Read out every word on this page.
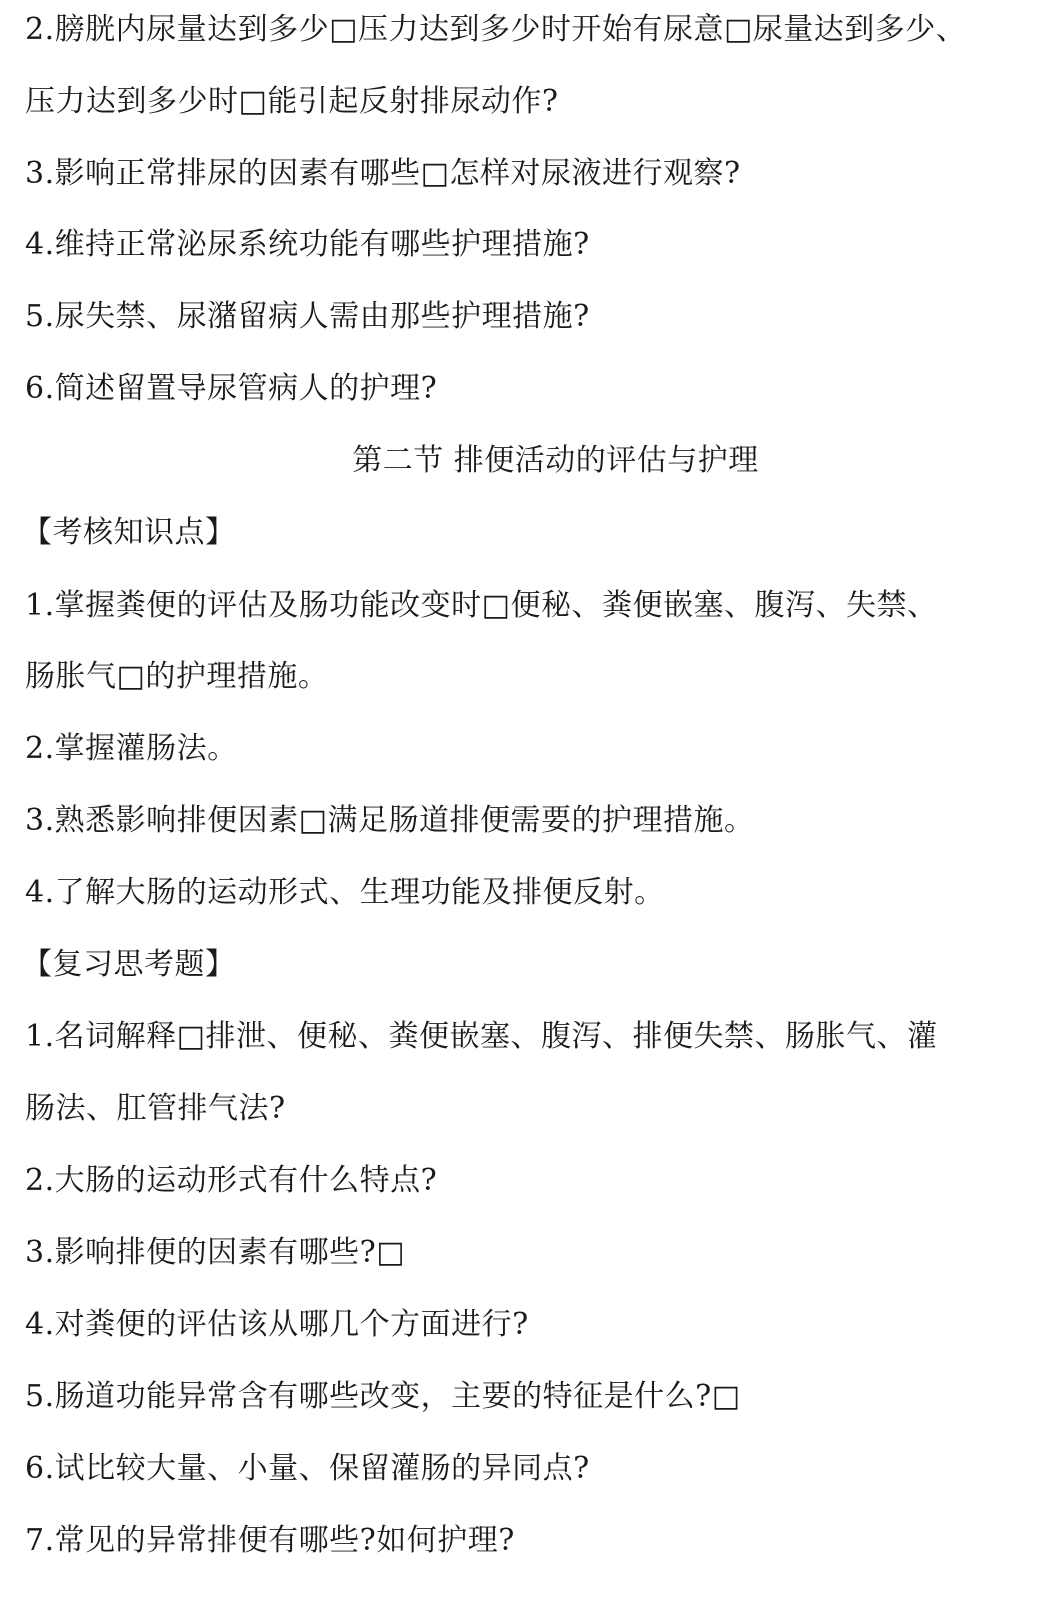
2.膀胱内尿量达到多少□压力达到多少时开始有尿意□尿量达到多少、
压力达到多少时□能引起反射排尿动作?
3.影响正常排尿的因素有哪些□怎样对尿液进行观察?
4.维持正常泌尿系统功能有哪些护理措施?
5.尿失禁、尿潴留病人需由那些护理措施?
6.简述留置导尿管病人的护理?
第二节 排便活动的评估与护理
【考核知识点】
1.掌握粪便的评估及肠功能改变时□便秘、粪便嵌塞、腹泻、失禁、
肠胀气□的护理措施。
2.掌握灌肠法。
3.熟悉影响排便因素□满足肠道排便需要的护理措施。
4.了解大肠的运动形式、生理功能及排便反射。
【复习思考题】
1.名词解释□排泄、便秘、粪便嵌塞、腹泻、排便失禁、肠胀气、灌
肠法、肛管排气法?
2.大肠的运动形式有什么特点?
3.影响排便的因素有哪些?□
4.对粪便的评估该从哪几个方面进行?
5.肠道功能异常含有哪些改变，主要的特征是什么?□
6.试比较大量、小量、保留灌肠的异同点?
7.常见的异常排便有哪些?如何护理?
